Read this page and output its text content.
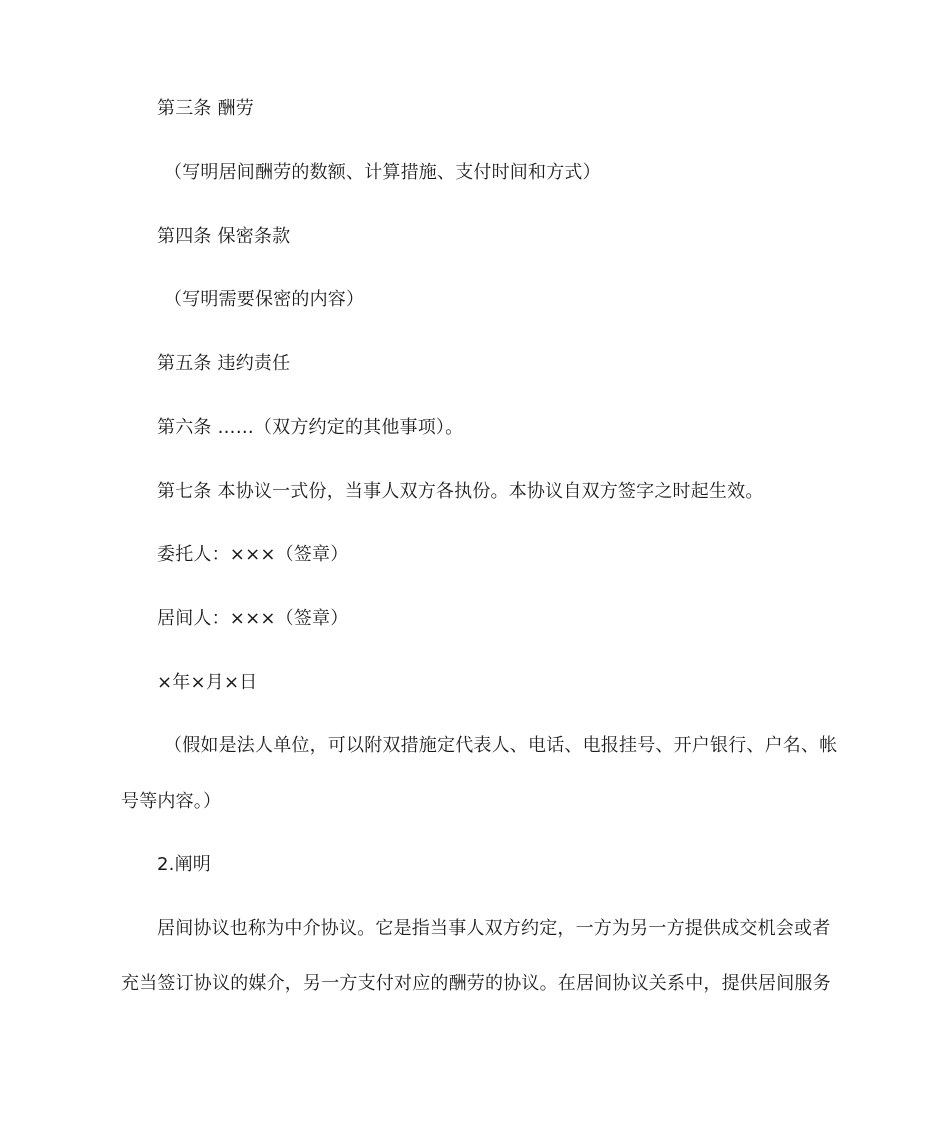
第三条 酬劳
（写明居间酬劳的数额、计算措施、支付时间和方式）
第四条 保密条款
（写明需要保密的内容）
第五条 违约责任
第六条 ……（双方约定的其他事项）。
第七条 本协议一式份，当事人双方各执份。本协议自双方签字之时起生效。
委托人：×××（签章）
居间人：×××（签章）
×年×月×日
（假如是法人单位，可以附双措施定代表人、电话、电报挂号、开户银行、户名、帐
号等内容。）
2.阐明
居间协议也称为中介协议。它是指当事人双方约定，一方为另一方提供成交机会或者
充当签订协议的媒介，另一方支付对应的酬劳的协议。在居间协议关系中，提供居间服务
